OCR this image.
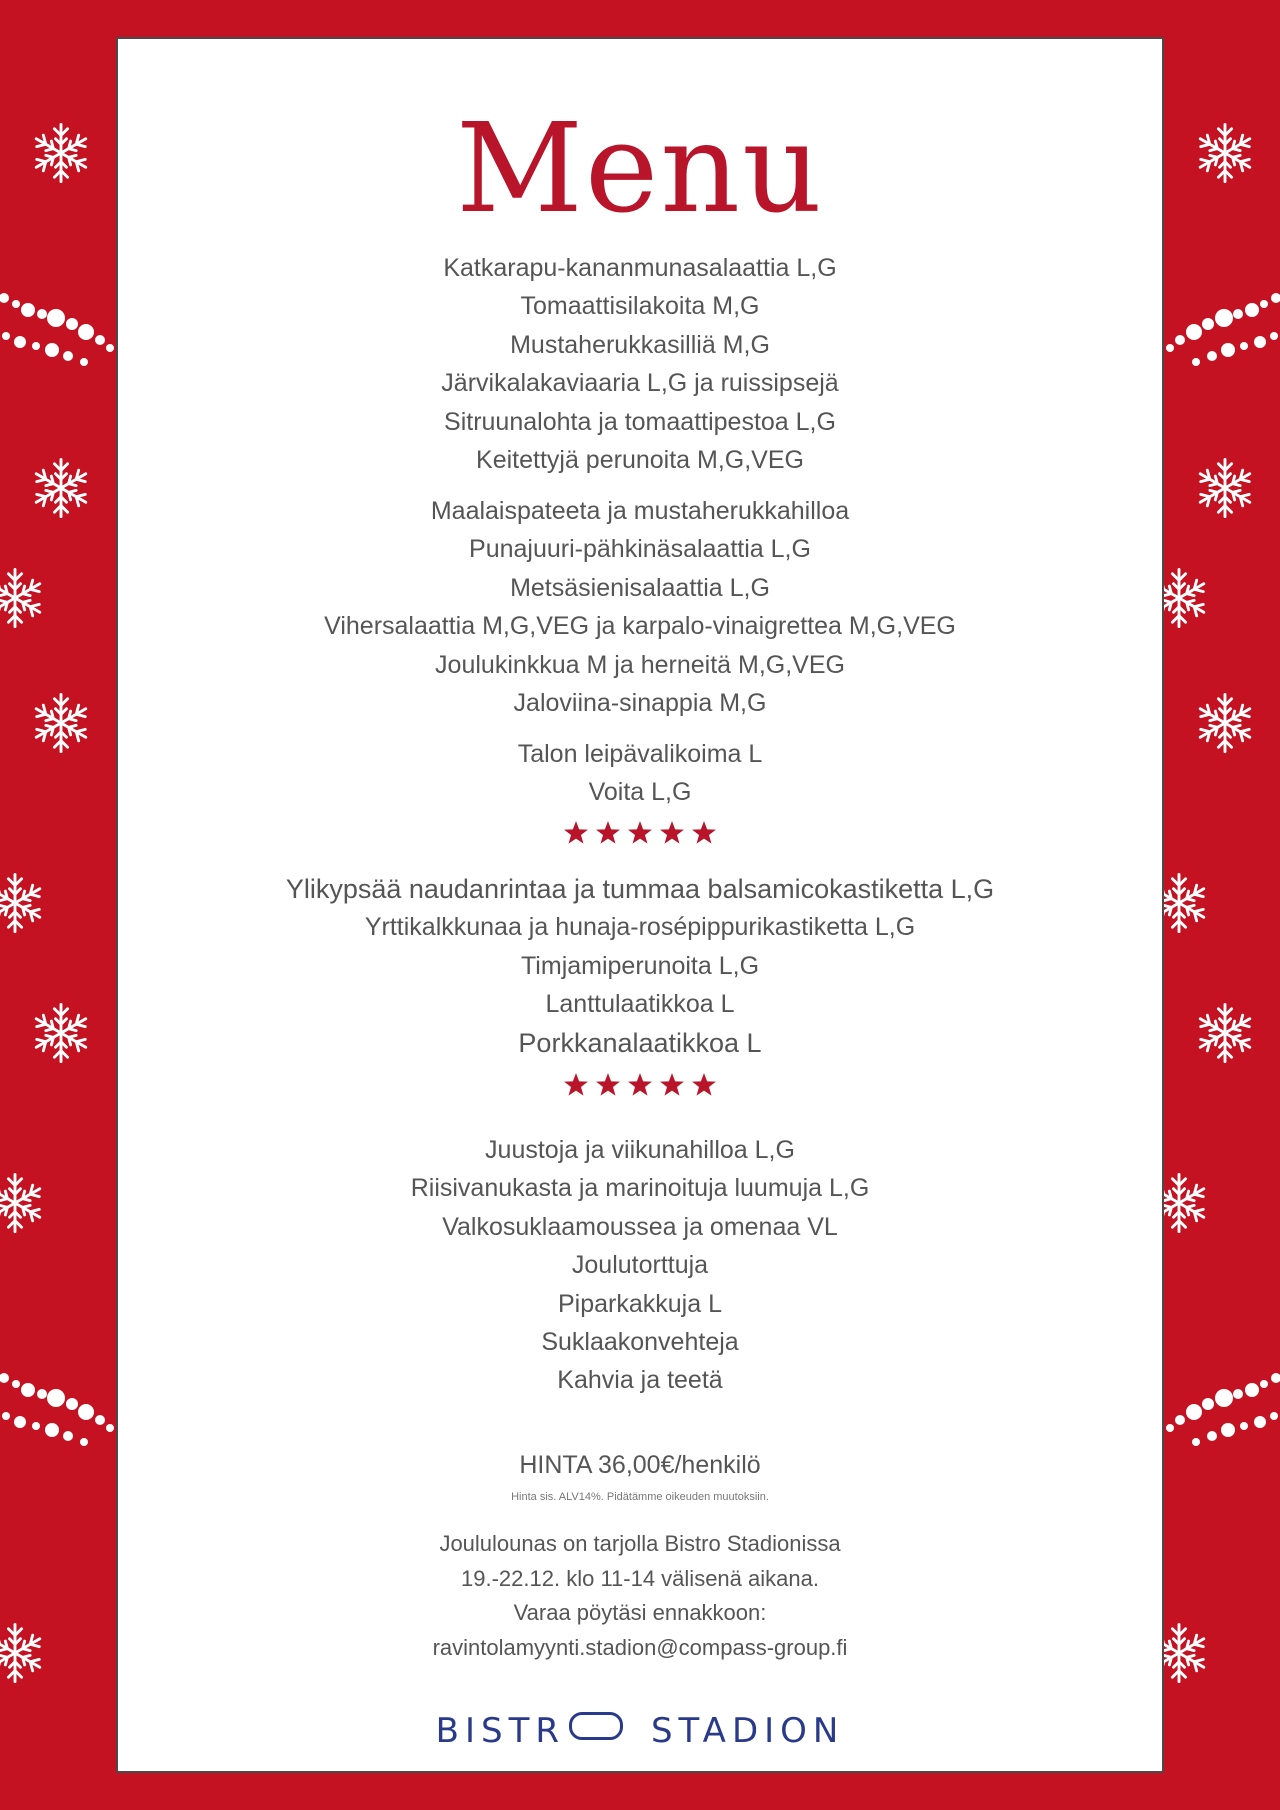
Menu
Katkarapu-kananmunasalaattia L,G
Tomaattisilakoita M,G
Mustaherukkasilliä M,G
Järvikalakaviaaria L,G ja ruissipsejä
Sitruunalohta ja tomaattipestoa L,G
Keitettyjä perunoita M,G,VEG
Maalaispateeta ja mustaherukkahilloa
Punajuuri-pähkinäsalaattia L,G
Metsäsienisalaattia L,G
Vihersalaattia M,G,VEG ja karpalo-vinaigrettea M,G,VEG
Joulukinkkua M ja herneitä M,G,VEG
Jaloviina-sinappia M,G
Talon leipävalikoima L
Voita L,G
Ylikypsää naudanrintaa ja tummaa balsamicokastiketta L,G
Yrttikalkkunaa ja hunaja-rosépippurikastiketta L,G
Timjamiperunoita L,G
Lanttulaatikkoa L
Porkkanalaatikkoa L
Juustoja ja viikunahilloa L,G
Riisivanukasta ja marinoituja luumuja L,G
Valkosuklaamoussea ja omenaa VL
Joulutorttuja
Piparkakkuja L
Suklaakonvehteja
Kahvia ja teetä
HINTA 36,00€/henkilö
Hinta sis. ALV14%. Pidätämme oikeuden muutoksiin.
Joululounas on tarjolla Bistro Stadionissa
19.-22.12. klo 11-14 välisenä aikana.
Varaa pöytäsi ennakkoon:
ravintolamyynti.stadion@compass-group.fi
BISTR	STADION
